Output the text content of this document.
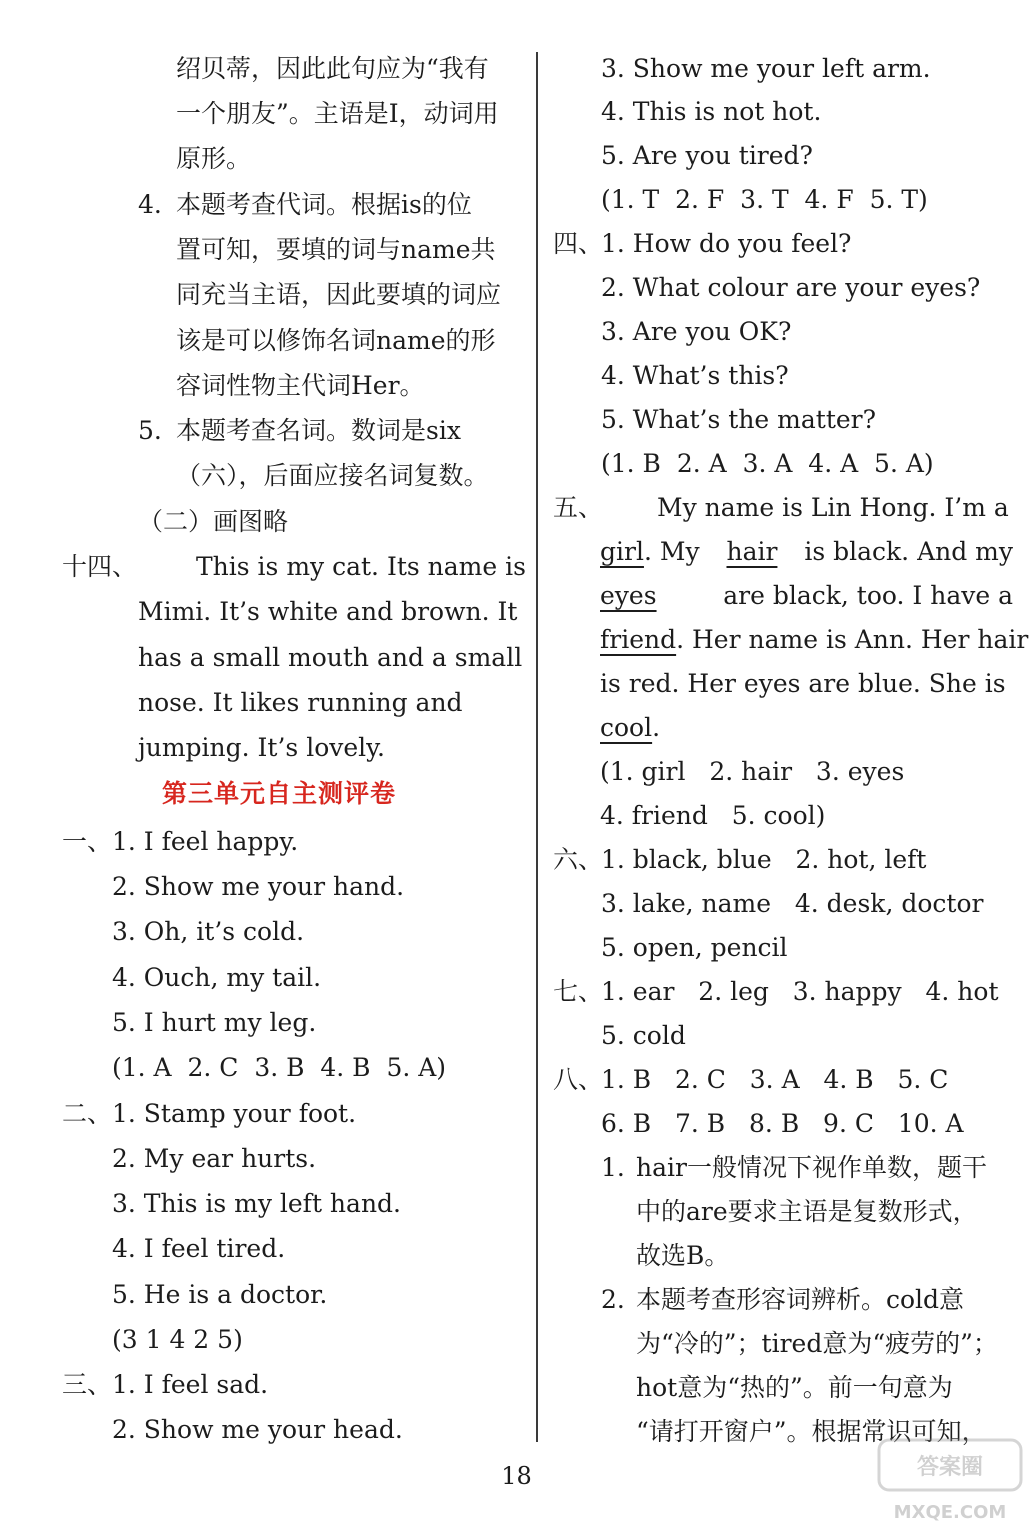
绍贝蒂，因此此句应为“我有
一个朋友”。主语是I，动词用
原形。
4. 本题考查代词。根据is的位
置可知，要填的词与name共
同充当主语，因此要填的词应
该是可以修饰名词name的形
容词性物主代词Her。
5. 本题考查名词。数词是six
（六），后面应接名词复数。
（二）画图略
十四、 This is my cat. Its name is
Mimi. It’s white and brown. It
has a small mouth and a small
nose. It likes running and
jumping. It’s lovely.
第三单元自主测评卷
一、 1. I feel happy.
2. Show me your hand.
3. Oh, it’s cold.
4. Ouch, my tail.
5. I hurt my leg.
(1. A  2. C  3. B  4. B  5. A)
二、 1. Stamp your foot.
2. My ear hurts.
3. This is my left hand.
4. I feel tired.
5. He is a doctor.
(3 1 4 2 5)
三、 1. I feel sad.
2. Show me your head.
3. Show me your left arm.
4. This is not hot.
5. Are you tired?
(1. T  2. F  3. T  4. F  5. T)
四、
1. How do you feel?
2. What colour are your eyes?
3. Are you OK?
4. What’s this?
5. What’s the matter?
(1. B  2. A  3. A  4. A  5. A)
五、 My name is Lin Hong. I’m a
girl. My hair is black. And my
eyes	are black, too. I have a
friend . Her name is Ann. Her hair
is red. Her eyes are blue. She is
cool.
(1. girl   2. hair   3. eyes
4. friend   5. cool)
六、
1. black, blue   2. hot, left
3. lake, name   4. desk, doctor
5. open, pencil
七、
1. ear   2. leg   3. happy   4. hot
5. cold
八、
1. B   2. C   3. A   4. B   5. C
6. B   7. B   8. B   9. C   10. A
1. hair一般情况下视作单数，题干
中的are要求主语是复数形式，
故选B。
2. 本题考查形容词辨析。cold意
为“冷的”；tired意为“疲劳的”；
hot意为“热的”。前一句意为
“请打开窗户”。根据常识可知，
18	答案圈
MXQE.COM
